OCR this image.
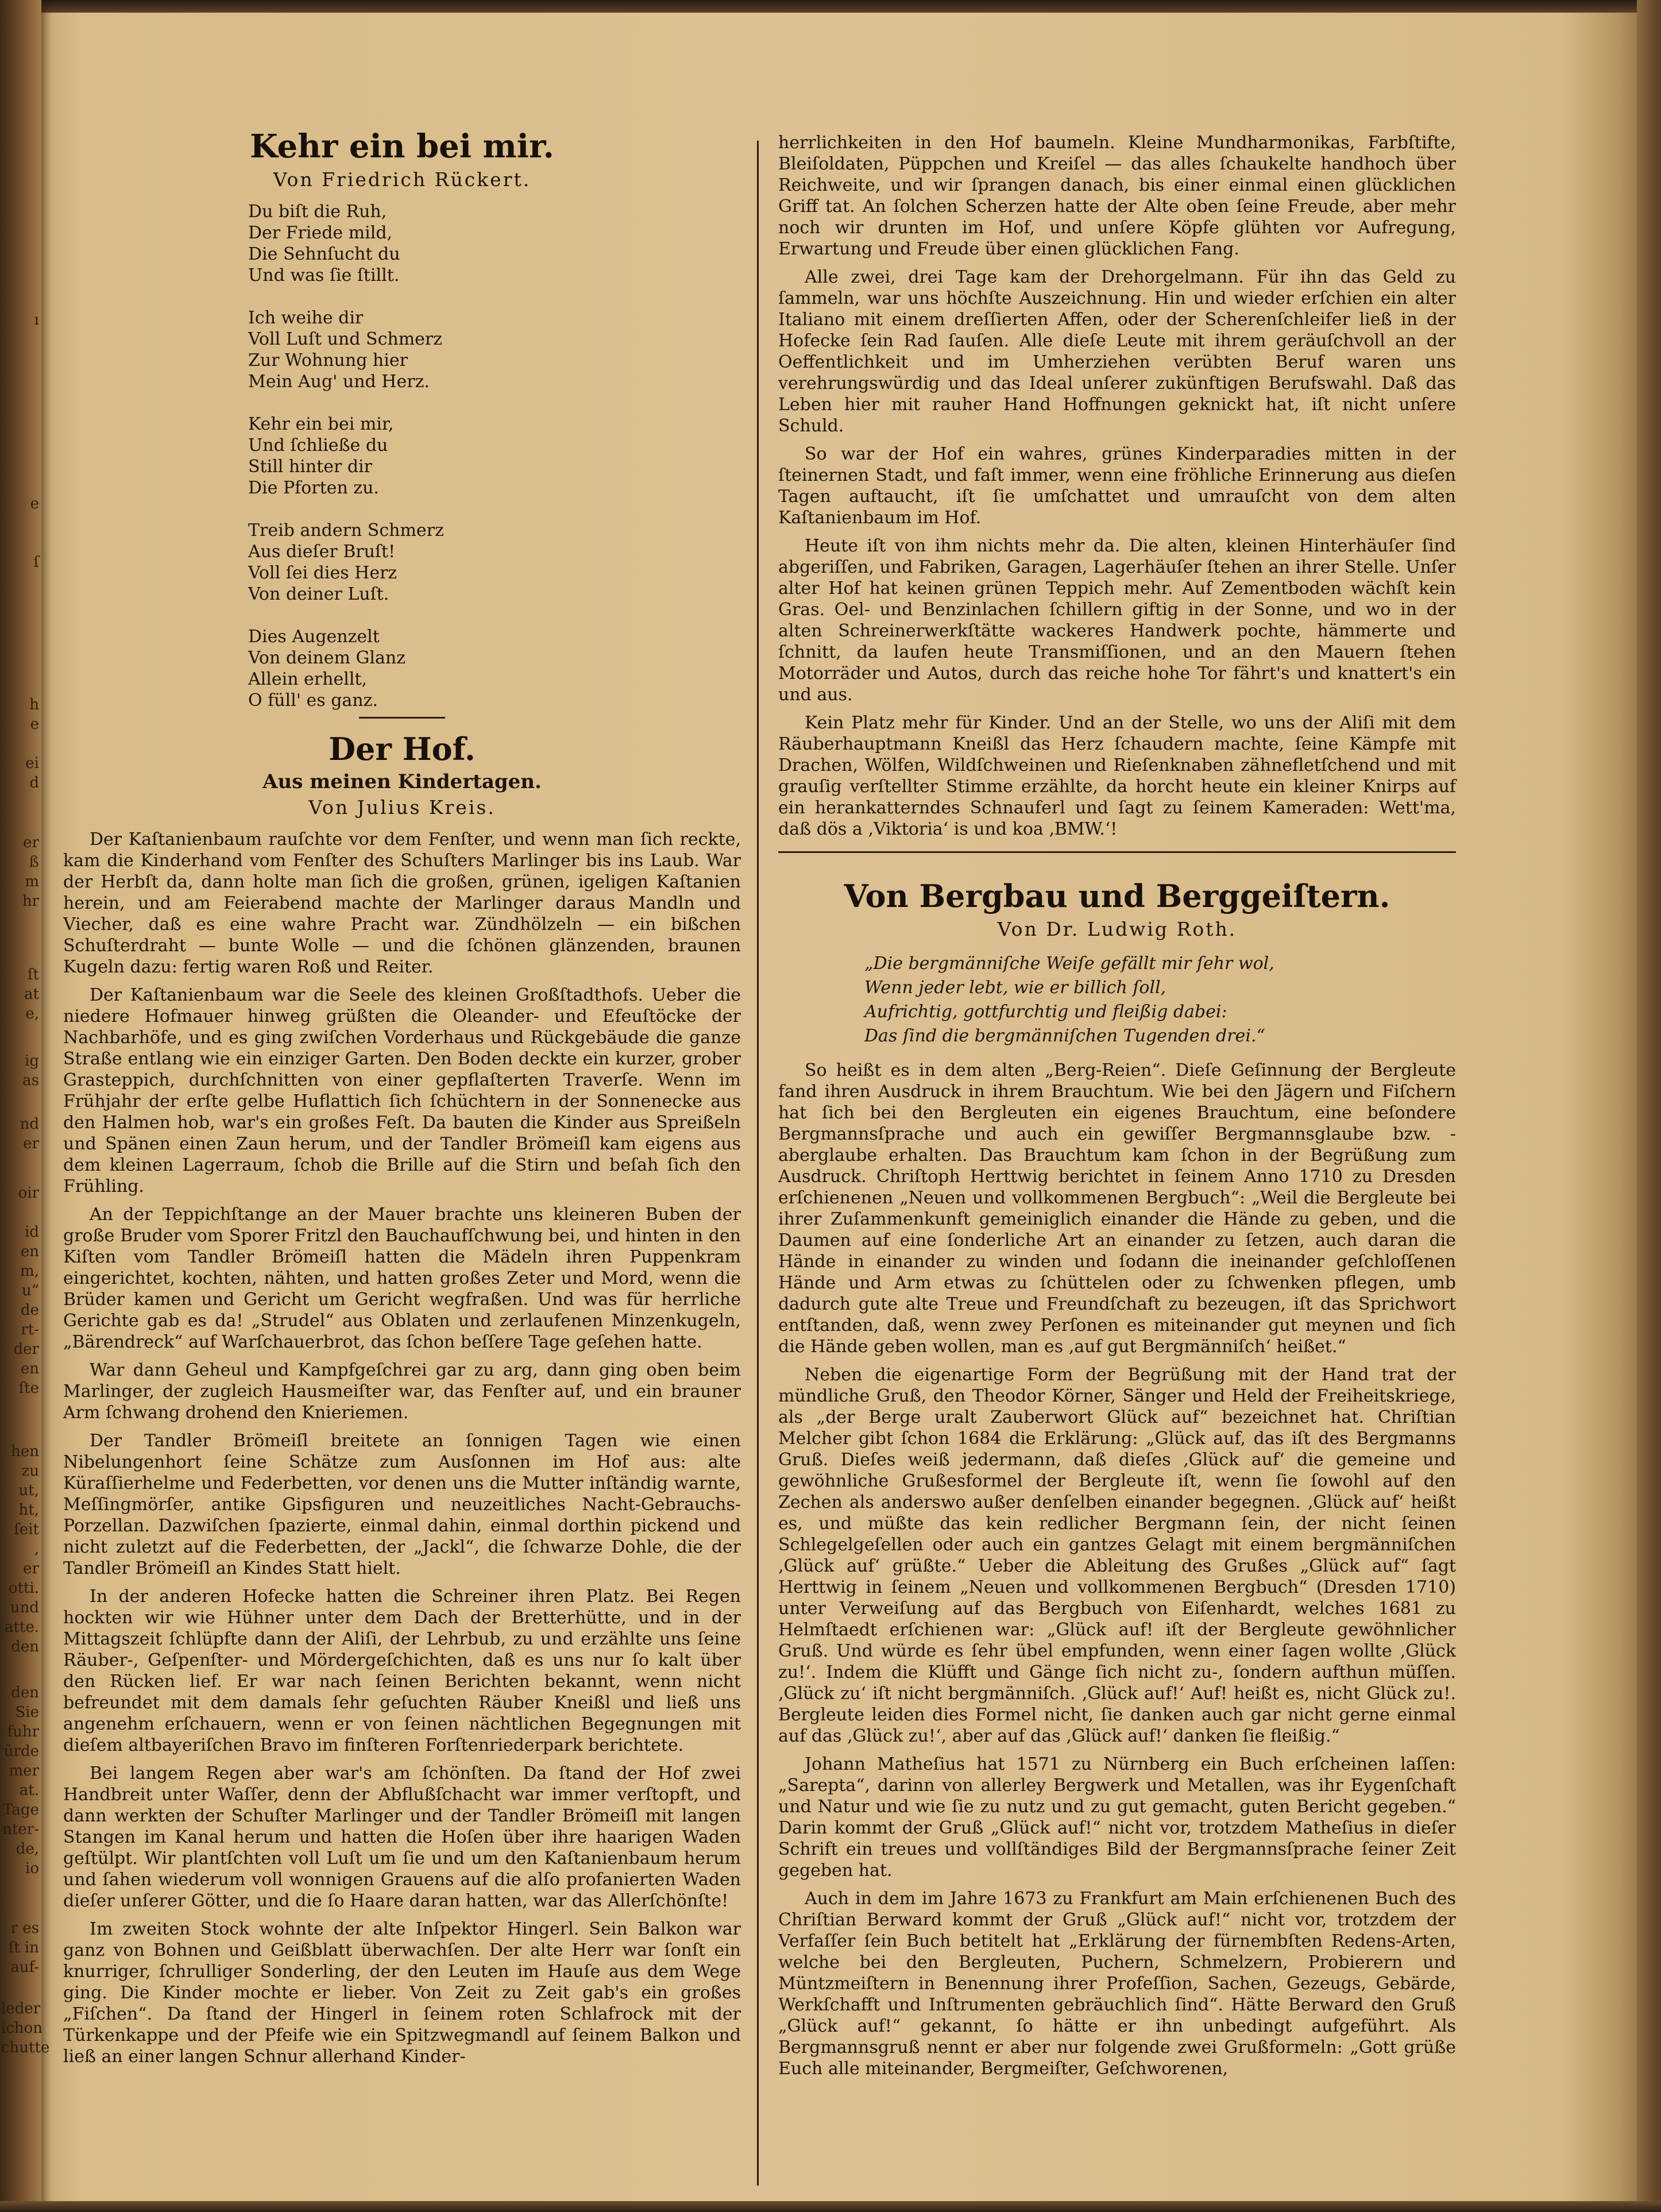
ı
e

ſ
h
e

ei
d
er
ß
m
hr
ſt
at
e,
ig
as
nd
er
oir

id
en
m,
u“
de
rt-
der
en
ſte
hen
zu
ut,
ht,
ſeit
,
er
otti.
und
atte.
den
den
Sie
fuhr
ürde
mer
at.
Tage
nter-
de,
io
r es
ſt in
auf-
leder
ichon
chutte
Kehr ein bei mir.
Von Friedrich Rückert.
Du biſt die Ruh,
Der Friede mild,
Die Sehnſucht du
Und was ſie ſtillt.
Ich weihe dir
Voll Luſt und Schmerz
Zur Wohnung hier
Mein Aug' und Herz.
Kehr ein bei mir,
Und ſchließe du
Still hinter dir
Die Pforten zu.
Treib andern Schmerz
Aus dieſer Bruſt!
Voll ſei dies Herz
Von deiner Luſt.
Dies Augenzelt
Von deinem Glanz
Allein erhellt,
O füll' es ganz.
Der Hof.
Aus meinen Kindertagen.
Von Julius Kreis.

Der Kaſtanienbaum rauſchte vor dem Fenſter, und wenn man ſich reckte, kam die Kinderhand vom Fenſter des Schuſters Marlinger bis ins Laub. War der Herbſt da, dann holte man ſich die großen, grünen, igeligen Kaſtanien herein, und am Feierabend machte der Marlinger daraus Mandln und Viecher, daß es eine wahre Pracht war. Zündhölzeln — ein bißchen Schuſterdraht — bunte Wolle — und die ſchönen glänzenden, braunen Kugeln dazu: fertig waren Roß und Reiter.

Der Kaſtanienbaum war die Seele des kleinen Großſtadthofs. Ueber die niedere Hofmauer hinweg grüßten die Oleander- und Efeuſtöcke der Nachbarhöfe, und es ging zwiſchen Vorderhaus und Rückgebäude die ganze Straße entlang wie ein einziger Garten. Den Boden deckte ein kurzer, grober Grasteppich, durchſchnitten von einer gepflaſterten Traverſe. Wenn im Frühjahr der erſte gelbe Huflattich ſich ſchüchtern in der Sonnenecke aus den Halmen hob, war's ein großes Feſt. Da bauten die Kinder aus Spreißeln und Spänen einen Zaun herum, und der Tandler Brömeiſl kam eigens aus dem kleinen Lagerraum, ſchob die Brille auf die Stirn und beſah ſich den Frühling.

An der Teppichſtange an der Mauer brachte uns kleineren Buben der große Bruder vom Sporer Fritzl den Bauchaufſchwung bei, und hinten in den Kiſten vom Tandler Brömeiſl hatten die Mädeln ihren Puppenkram eingerichtet, kochten, nähten, und hatten großes Zeter und Mord, wenn die Brüder kamen und Gericht um Gericht wegfraßen. Und was für herrliche Gerichte gab es da! „Strudel“ aus Oblaten und zerlaufenen Minzenkugeln, „Bärendreck“ auf Warſchauerbrot, das ſchon beſſere Tage geſehen hatte.

War dann Geheul und Kampfgeſchrei gar zu arg, dann ging oben beim Marlinger, der zugleich Hausmeiſter war, das Fenſter auf, und ein brauner Arm ſchwang drohend den Knieriemen.

Der Tandler Brömeiſl breitete an ſonnigen Tagen wie einen Nibelungenhort ſeine Schätze zum Ausſonnen im Hof aus: alte Küraſſierhelme und Federbetten, vor denen uns die Mutter inſtändig warnte, Meſſingmörſer, antike Gipsfiguren und neuzeitliches Nacht-Gebrauchs-Porzellan. Dazwiſchen ſpazierte, einmal dahin, einmal dorthin pickend und nicht zuletzt auf die Federbetten, der „Jackl“, die ſchwarze Dohle, die der Tandler Brömeiſl an Kindes Statt hielt.

In der anderen Hofecke hatten die Schreiner ihren Platz. Bei Regen hockten wir wie Hühner unter dem Dach der Bretterhütte, und in der Mittagszeit ſchlüpfte dann der Aliſi, der Lehrbub, zu und erzählte uns ſeine Räuber-, Geſpenſter- und Mördergeſchichten, daß es uns nur ſo kalt über den Rücken lief. Er war nach ſeinen Berichten bekannt, wenn nicht befreundet mit dem damals ſehr geſuchten Räuber Kneißl und ließ uns angenehm erſchauern, wenn er von ſeinen nächtlichen Begegnungen mit dieſem altbayeriſchen Bravo im finſteren Forſtenriederpark berichtete.

Bei langem Regen aber war's am ſchönſten. Da ſtand der Hof zwei Handbreit unter Waſſer, denn der Abflußſchacht war immer verſtopft, und dann werkten der Schuſter Marlinger und der Tandler Brömeiſl mit langen Stangen im Kanal herum und hatten die Hoſen über ihre haarigen Waden geſtülpt. Wir plantſchten voll Luſt um ſie und um den Kaſtanienbaum herum und ſahen wiederum voll wonnigen Grauens auf die alſo profanierten Waden dieſer unſerer Götter, und die ſo Haare daran hatten, war das Allerſchönſte!

Im zweiten Stock wohnte der alte Inſpektor Hingerl. Sein Balkon war ganz von Bohnen und Geißblatt überwachſen. Der alte Herr war ſonſt ein knurriger, ſchrulliger Sonderling, der den Leuten im Hauſe aus dem Wege ging. Die Kinder mochte er lieber. Von Zeit zu Zeit gab's ein großes „Fiſchen“. Da ſtand der Hingerl in ſeinem roten Schlafrock mit der Türkenkappe und der Pfeife wie ein Spitzwegmandl auf ſeinem Balkon und ließ an einer langen Schnur allerhand Kinder-

herrlichkeiten in den Hof baumeln. Kleine Mundharmonikas, Farbſtifte, Bleiſoldaten, Püppchen und Kreiſel — das alles ſchaukelte handhoch über Reichweite, und wir ſprangen danach, bis einer einmal einen glücklichen Griff tat. An ſolchen Scherzen hatte der Alte oben ſeine Freude, aber mehr noch wir drunten im Hof, und unſere Köpfe glühten vor Aufregung, Erwartung und Freude über einen glücklichen Fang.

Alle zwei, drei Tage kam der Drehorgelmann. Für ihn das Geld zu ſammeln, war uns höchſte Auszeichnung. Hin und wieder erſchien ein alter Italiano mit einem dreſſierten Affen, oder der Scherenſchleifer ließ in der Hofecke ſein Rad ſauſen. Alle dieſe Leute mit ihrem geräuſchvoll an der Oeffentlichkeit und im Umherziehen verübten Beruf waren uns verehrungswürdig und das Ideal unſerer zukünftigen Berufswahl. Daß das Leben hier mit rauher Hand Hoffnungen geknickt hat, iſt nicht unſere Schuld.

So war der Hof ein wahres, grünes Kinderparadies mitten in der ſteinernen Stadt, und faſt immer, wenn eine fröhliche Erinnerung aus dieſen Tagen auftaucht, iſt ſie umſchattet und umrauſcht von dem alten Kaſtanienbaum im Hof.

Heute iſt von ihm nichts mehr da. Die alten, kleinen Hinterhäuſer ſind abgeriſſen, und Fabriken, Garagen, Lagerhäuſer ſtehen an ihrer Stelle. Unſer alter Hof hat keinen grünen Teppich mehr. Auf Zementboden wächſt kein Gras. Oel- und Benzinlachen ſchillern giftig in der Sonne, und wo in der alten Schreinerwerkſtätte wackeres Handwerk pochte, hämmerte und ſchnitt, da laufen heute Transmiſſionen, und an den Mauern ſtehen Motorräder und Autos, durch das reiche hohe Tor fährt's und knattert's ein und aus.

Kein Platz mehr für Kinder. Und an der Stelle, wo uns der Aliſi mit dem Räuberhauptmann Kneißl das Herz ſchaudern machte, ſeine Kämpfe mit Drachen, Wölfen, Wildſchweinen und Rieſenknaben zähnefletſchend und mit grauſig verſtellter Stimme erzählte, da horcht heute ein kleiner Knirps auf ein herankatterndes Schnauferl und ſagt zu ſeinem Kameraden: Wett'ma, daß dös a ‚Viktoria‘ is und koa ‚BMW.‘!

Von Bergbau und Berggeiſtern.
Von Dr. Ludwig Roth.
„Die bergmänniſche Weiſe gefällt mir ſehr wol,
Wenn jeder lebt, wie er billich ſoll,
Aufrichtig, gottfurchtig und fleißig dabei:
Das ſind die bergmänniſchen Tugenden drei.“

So heißt es in dem alten „Berg-Reien“. Dieſe Geſinnung der Bergleute fand ihren Ausdruck in ihrem Brauchtum. Wie bei den Jägern und Fiſchern hat ſich bei den Bergleuten ein eigenes Brauchtum, eine beſondere Bergmannsſprache und auch ein gewiſſer Bergmannsglaube bzw. -aberglaube erhalten. Das Brauchtum kam ſchon in der Begrüßung zum Ausdruck. Chriſtoph Herttwig berichtet in ſeinem Anno 1710 zu Dresden erſchienenen „Neuen und vollkommenen Bergbuch“: „Weil die Bergleute bei ihrer Zuſammenkunft gemeiniglich einander die Hände zu geben, und die Daumen auf eine ſonderliche Art an einander zu ſetzen, auch daran die Hände in einander zu winden und ſodann die ineinander geſchloſſenen Hände und Arm etwas zu ſchüttelen oder zu ſchwenken pflegen, umb dadurch gute alte Treue und Freundſchaft zu bezeugen, iſt das Sprichwort entſtanden, daß, wenn zwey Perſonen es miteinander gut meynen und ſich die Hände geben wollen, man es ‚auf gut Bergmänniſch‘ heißet.“

Neben die eigenartige Form der Begrüßung mit der Hand trat der mündliche Gruß, den Theodor Körner, Sänger und Held der Freiheitskriege, als „der Berge uralt Zauberwort Glück auf“ bezeichnet hat. Chriſtian Melcher gibt ſchon 1684 die Erklärung: „Glück auf, das iſt des Bergmanns Gruß. Dieſes weiß jedermann, daß dieſes ‚Glück auf‘ die gemeine und gewöhnliche Grußesformel der Bergleute iſt, wenn ſie ſowohl auf den Zechen als anderswo außer denſelben einander begegnen. ‚Glück auf‘ heißt es, und müßte das kein redlicher Bergmann ſein, der nicht ſeinen Schlegelgeſellen oder auch ein gantzes Gelagt mit einem bergmänniſchen ‚Glück auf‘ grüßte.“ Ueber die Ableitung des Grußes „Glück auf“ ſagt Herttwig in ſeinem „Neuen und vollkommenen Bergbuch“ (Dresden 1710) unter Verweiſung auf das Bergbuch von Eiſenhardt, welches 1681 zu Helmſtaedt erſchienen war: „Glück auf! iſt der Bergleute gewöhnlicher Gruß. Und würde es ſehr übel empfunden, wenn einer ſagen wollte ‚Glück zu!‘. Indem die Klüfft und Gänge ſich nicht zu-, ſondern aufthun müſſen. ‚Glück zu‘ iſt nicht bergmänniſch. ‚Glück auf!‘ Auf! heißt es, nicht Glück zu!. Bergleute leiden dies Formel nicht, ſie danken auch gar nicht gerne einmal auf das ‚Glück zu!‘, aber auf das ‚Glück auf!‘ danken ſie fleißig.“

Johann Matheſius hat 1571 zu Nürnberg ein Buch erſcheinen laſſen: „Sarepta“, darinn von allerley Bergwerk und Metallen, was ihr Eygenſchaft und Natur und wie ſie zu nutz und zu gut gemacht, guten Bericht gegeben.“ Darin kommt der Gruß „Glück auf!“ nicht vor, trotzdem Matheſius in dieſer Schrift ein treues und vollſtändiges Bild der Bergmannsſprache ſeiner Zeit gegeben hat.

Auch in dem im Jahre 1673 zu Frankfurt am Main erſchienenen Buch des Chriſtian Berward kommt der Gruß „Glück auf!“ nicht vor, trotzdem der Verfaſſer ſein Buch betitelt hat „Erklärung der fürnembſten Redens-Arten, welche bei den Bergleuten, Puchern, Schmelzern, Probierern und Müntzmeiſtern in Benennung ihrer Profeſſion, Sachen, Gezeugs, Gebärde, Werkſchafft und Inſtrumenten gebräuchlich ſind“. Hätte Berward den Gruß „Glück auf!“ gekannt, ſo hätte er ihn unbedingt aufgeführt. Als Bergmannsgruß nennt er aber nur folgende zwei Grußformeln: „Gott grüße Euch alle miteinander, Bergmeiſter, Geſchworenen,
